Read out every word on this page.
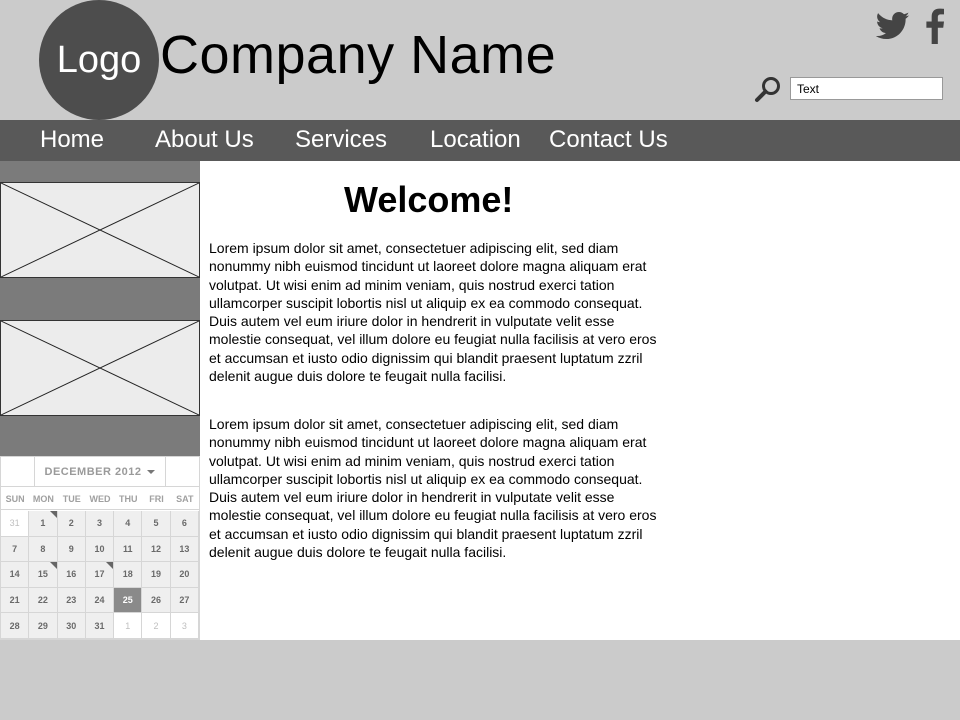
Logo Company Name
Text
Home About Us Services Location Contact Us
DECEMBER 2012
SUN MON TUE WED THU	FRI	SAT
31	1	2	3	4	5	6
7	8	9	10	11	12	13
14	15	16	17	18	19	20
21	22	23	24	25	26	27
28	29	30	31	1	2	3
Welcome!

Lorem ipsum dolor sit amet, consectetuer adipiscing elit, sed diam nonummy nibh euismod tincidunt ut laoreet dolore magna aliquam erat volutpat. Ut wisi enim ad minim veniam, quis nostrud exerci tation ullamcorper suscipit lobortis nisl ut aliquip ex ea commodo consequat. Duis autem vel eum iriure dolor in hendrerit in vulputate velit esse molestie consequat, vel illum dolore eu feugiat nulla facilisis at vero eros et accumsan et iusto odio dignissim qui blandit praesent luptatum zzril delenit augue duis dolore te feugait nulla facilisi.

Lorem ipsum dolor sit amet, consectetuer adipiscing elit, sed diam nonummy nibh euismod tincidunt ut laoreet dolore magna aliquam erat volutpat. Ut wisi enim ad minim veniam, quis nostrud exerci tation ullamcorper suscipit lobortis nisl ut aliquip ex ea commodo consequat. Duis autem vel eum iriure dolor in hendrerit in vulputate velit esse molestie consequat, vel illum dolore eu feugiat nulla facilisis at vero eros et accumsan et iusto odio dignissim qui blandit praesent luptatum zzril delenit augue duis dolore te feugait nulla facilisi.
